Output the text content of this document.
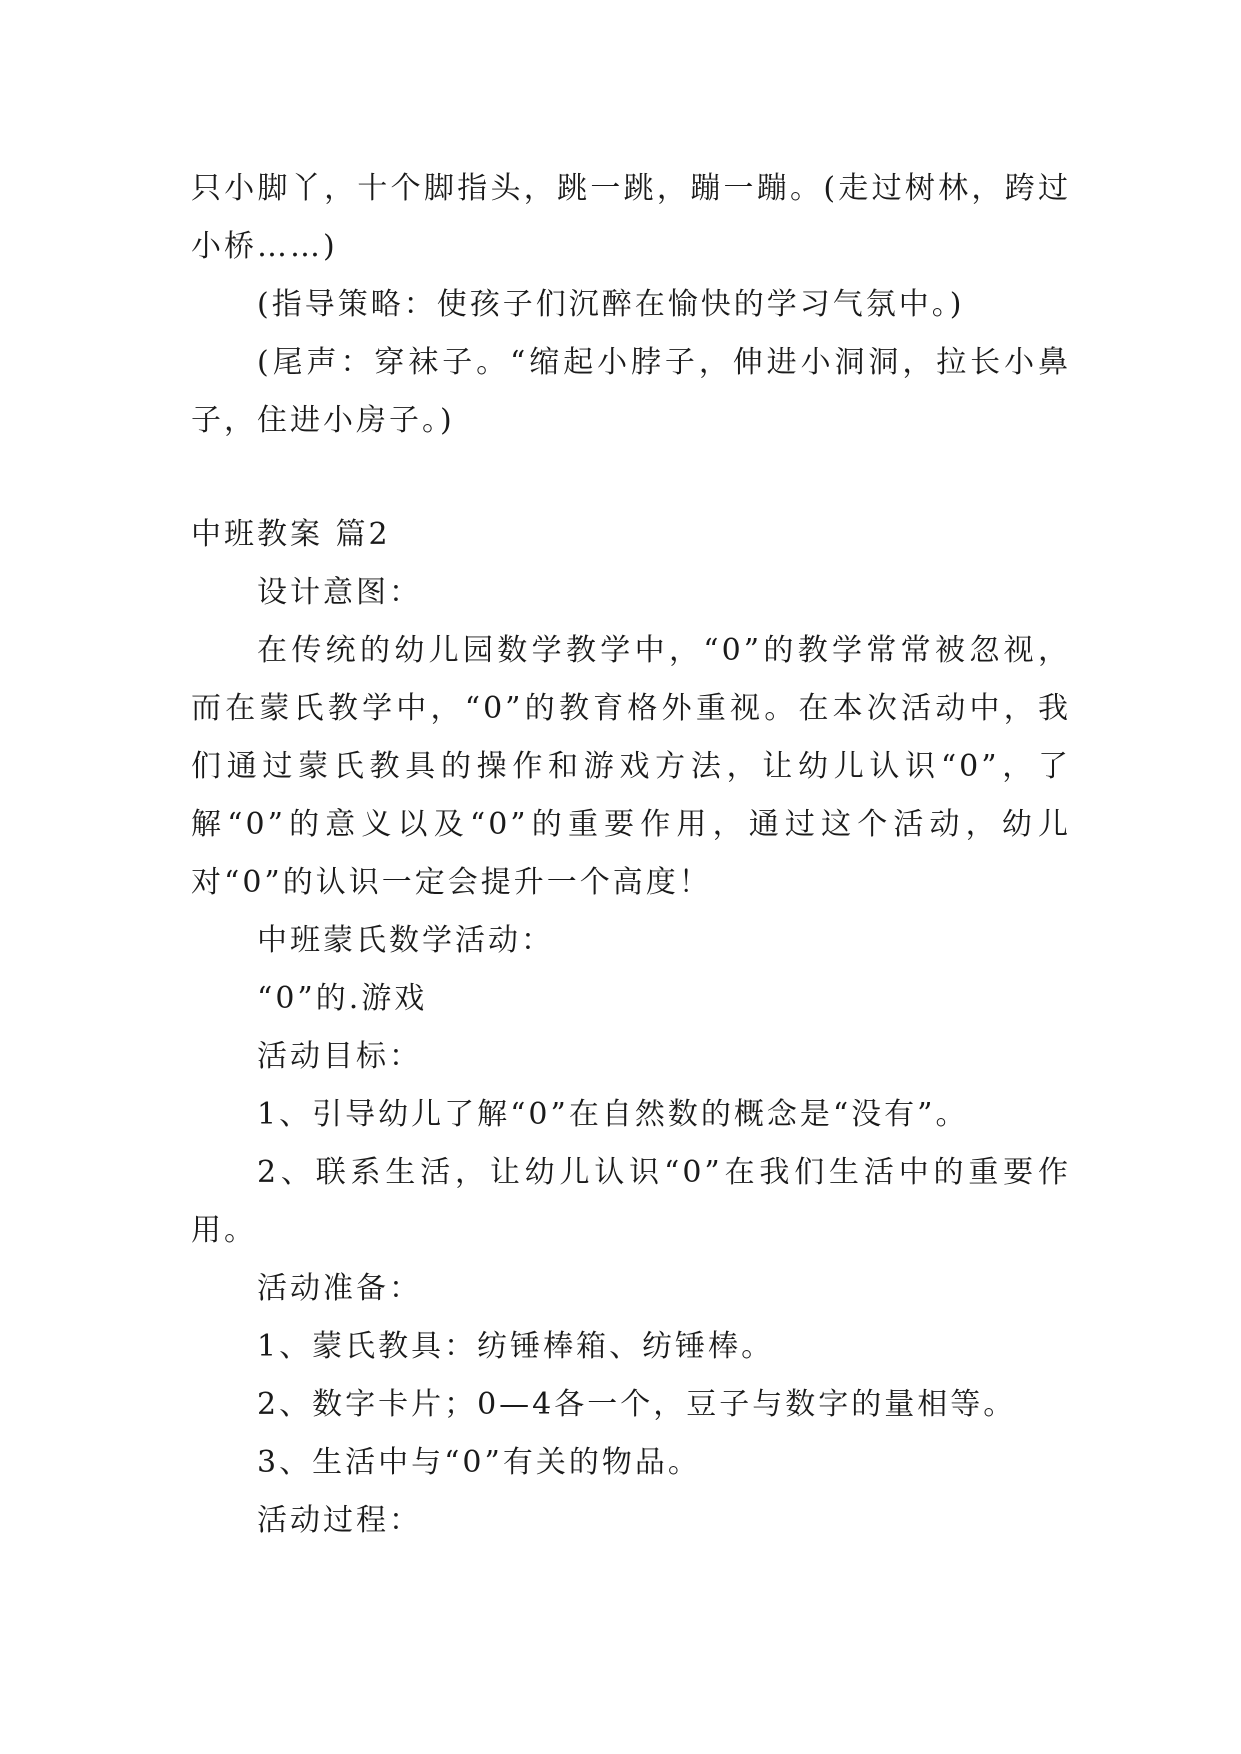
只小脚丫，十个脚指头，跳一跳，蹦一蹦。(走过树林，跨过小桥……)

(指导策略：使孩子们沉醉在愉快的学习气氛中。)

(尾声：穿袜子。“缩起小脖子，伸进小洞洞，拉长小鼻子，住进小房子。)

中班教案 篇2

设计意图：

在传统的幼儿园数学教学中，“0”的教学常常被忽视，而在蒙氏教学中，“0”的教育格外重视。在本次活动中，我们通过蒙氏教具的操作和游戏方法，让幼儿认识“0”，了解“0”的意义以及“0”的重要作用，通过这个活动，幼儿对“0”的认识一定会提升一个高度！

中班蒙氏数学活动：

“0”的.游戏

活动目标：

1、引导幼儿了解“0”在自然数的概念是“没有”。

2、联系生活，让幼儿认识“0”在我们生活中的重要作用。

活动准备：

1、蒙氏教具：纺锤棒箱、纺锤棒。

2、数字卡片；0—4各一个，豆子与数字的量相等。

3、生活中与“0”有关的物品。

活动过程：
